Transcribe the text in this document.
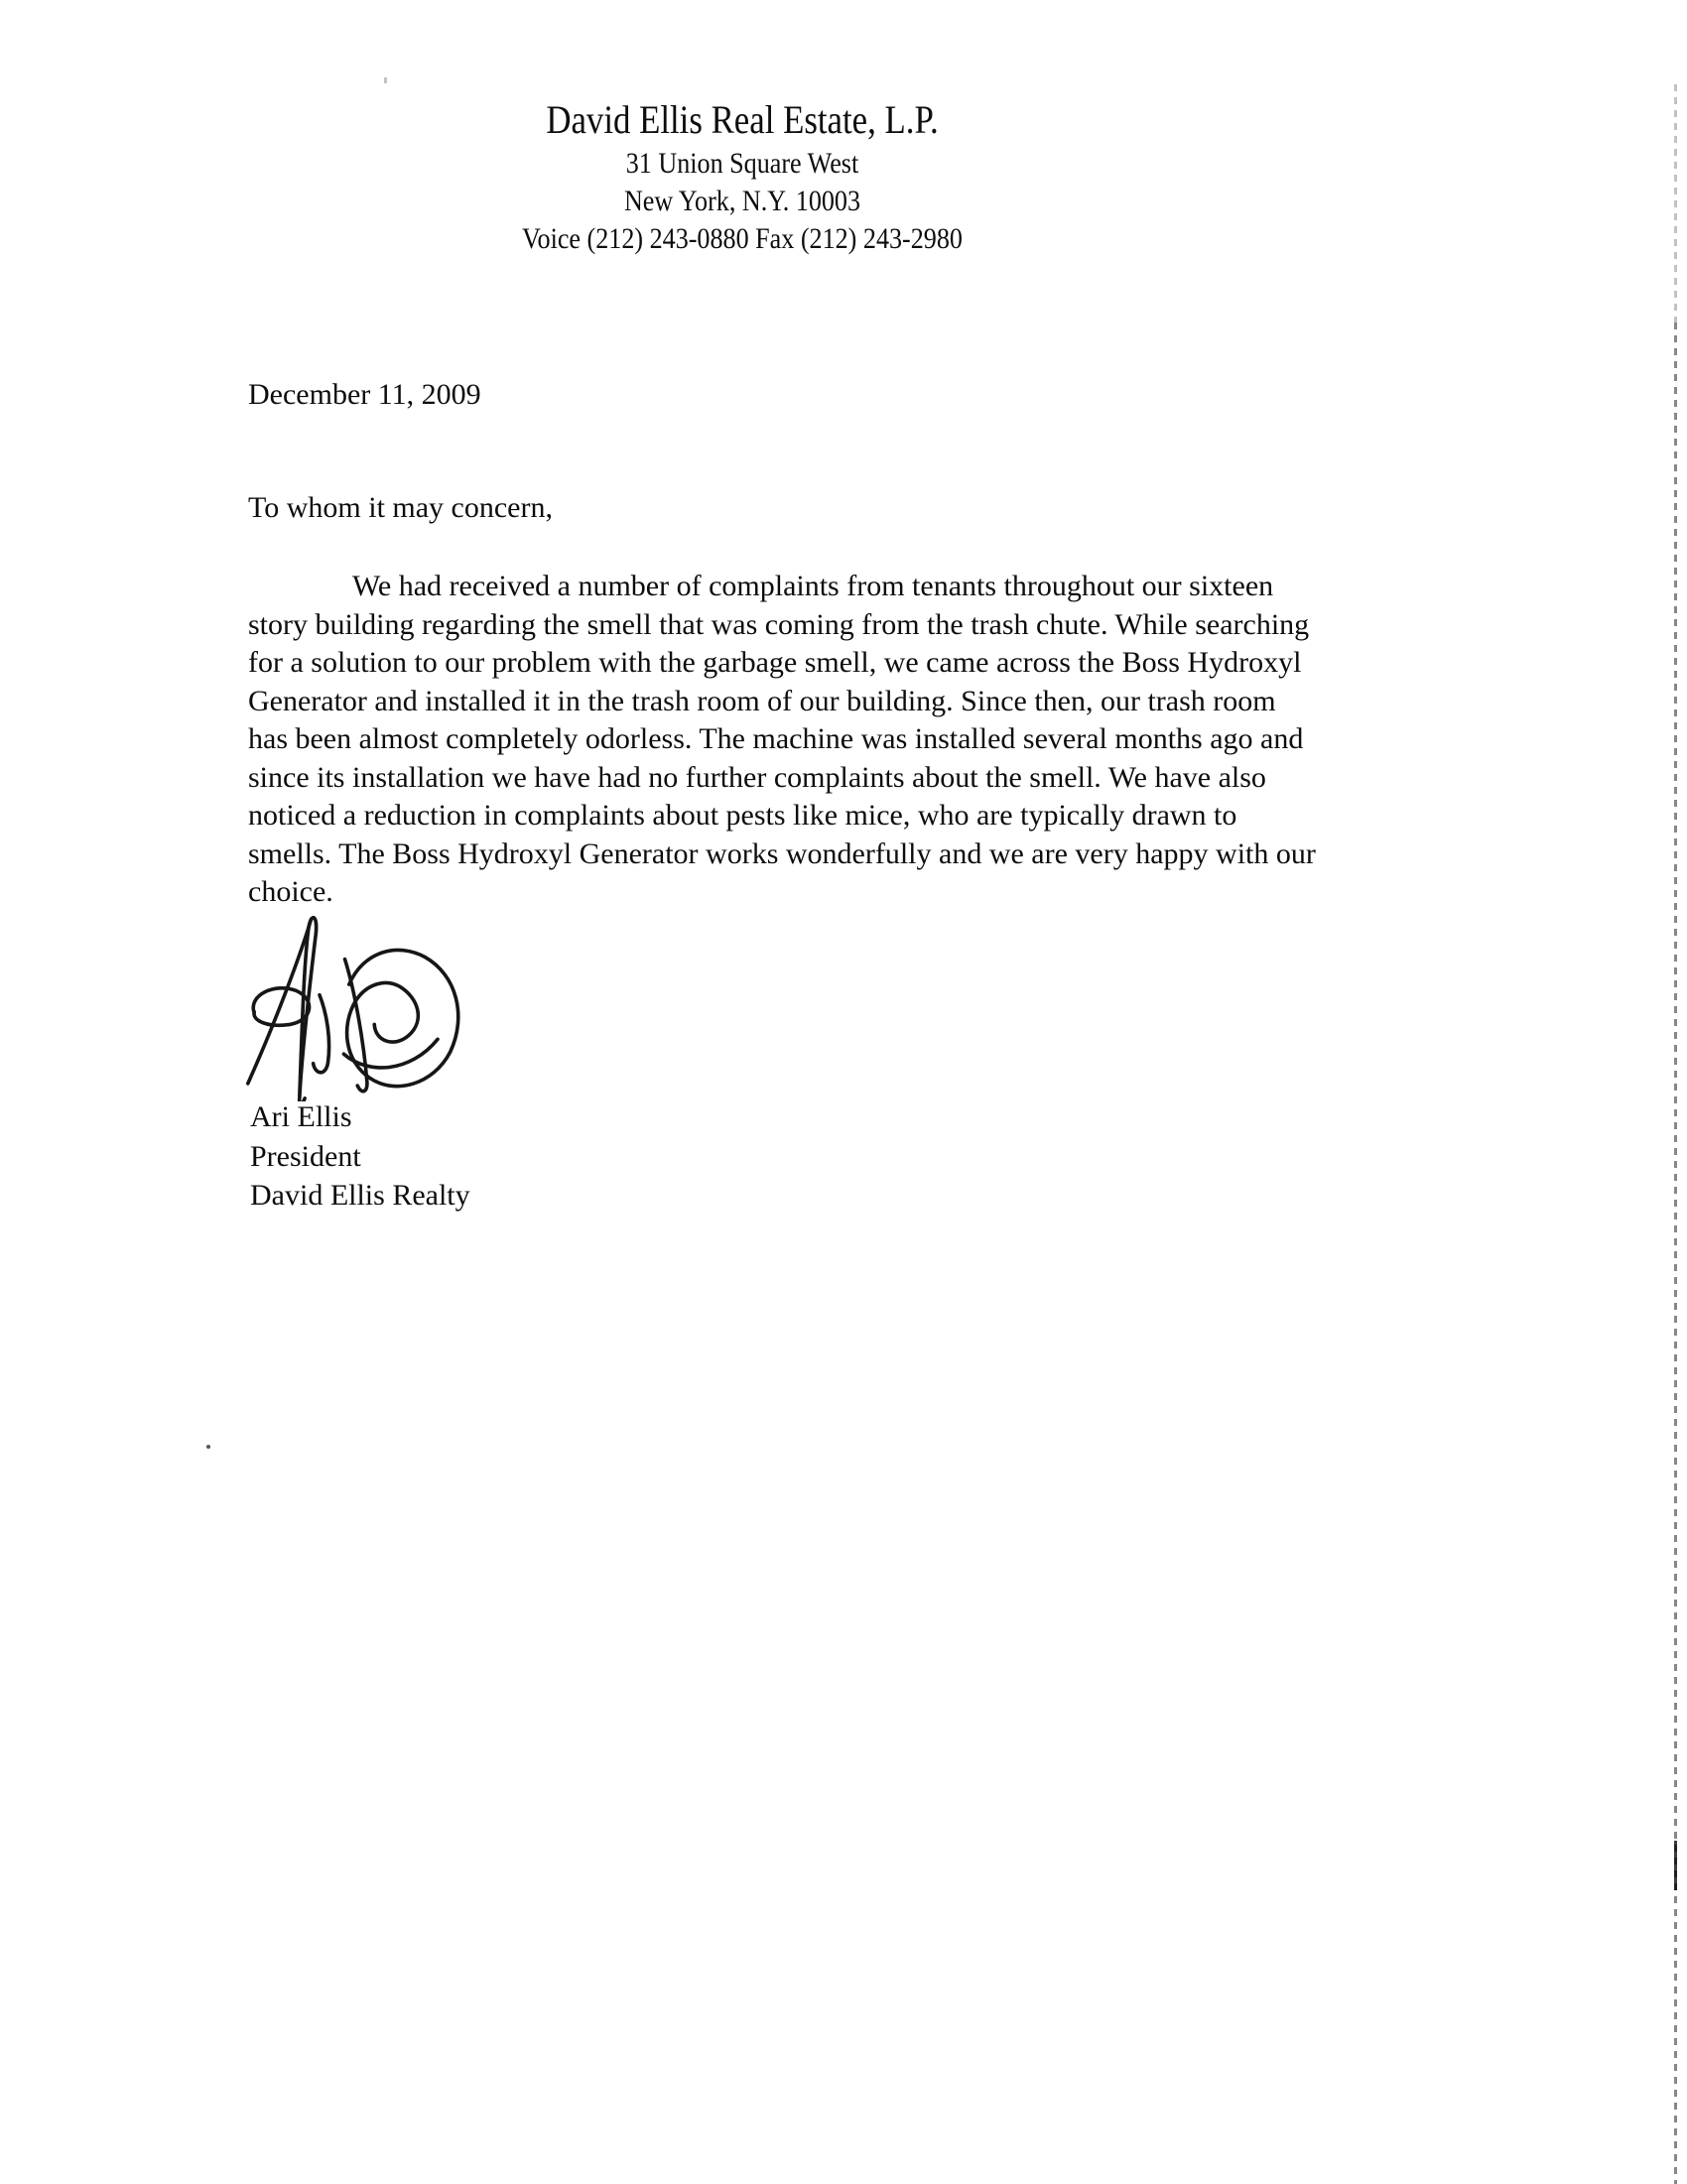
David Ellis Real Estate, L.P.
31 Union Square West
New York, N.Y. 10003
Voice (212) 243-0880 Fax (212) 243-2980
December 11, 2009
To whom it may concern,
We had received a number of complaints from tenants throughout our sixteen
story building regarding the smell that was coming from the trash chute. While searching
for a solution to our problem with the garbage smell, we came across the Boss Hydroxyl
Generator and installed it in the trash room of our building. Since then, our trash room
has been almost completely odorless. The machine was installed several months ago and
since its installation we have had no further complaints about the smell. We have also
noticed a reduction in complaints about pests like mice, who are typically drawn to
smells. The Boss Hydroxyl Generator works wonderfully and we are very happy with our
choice.
Ari Ellis
President
David Ellis Realty
